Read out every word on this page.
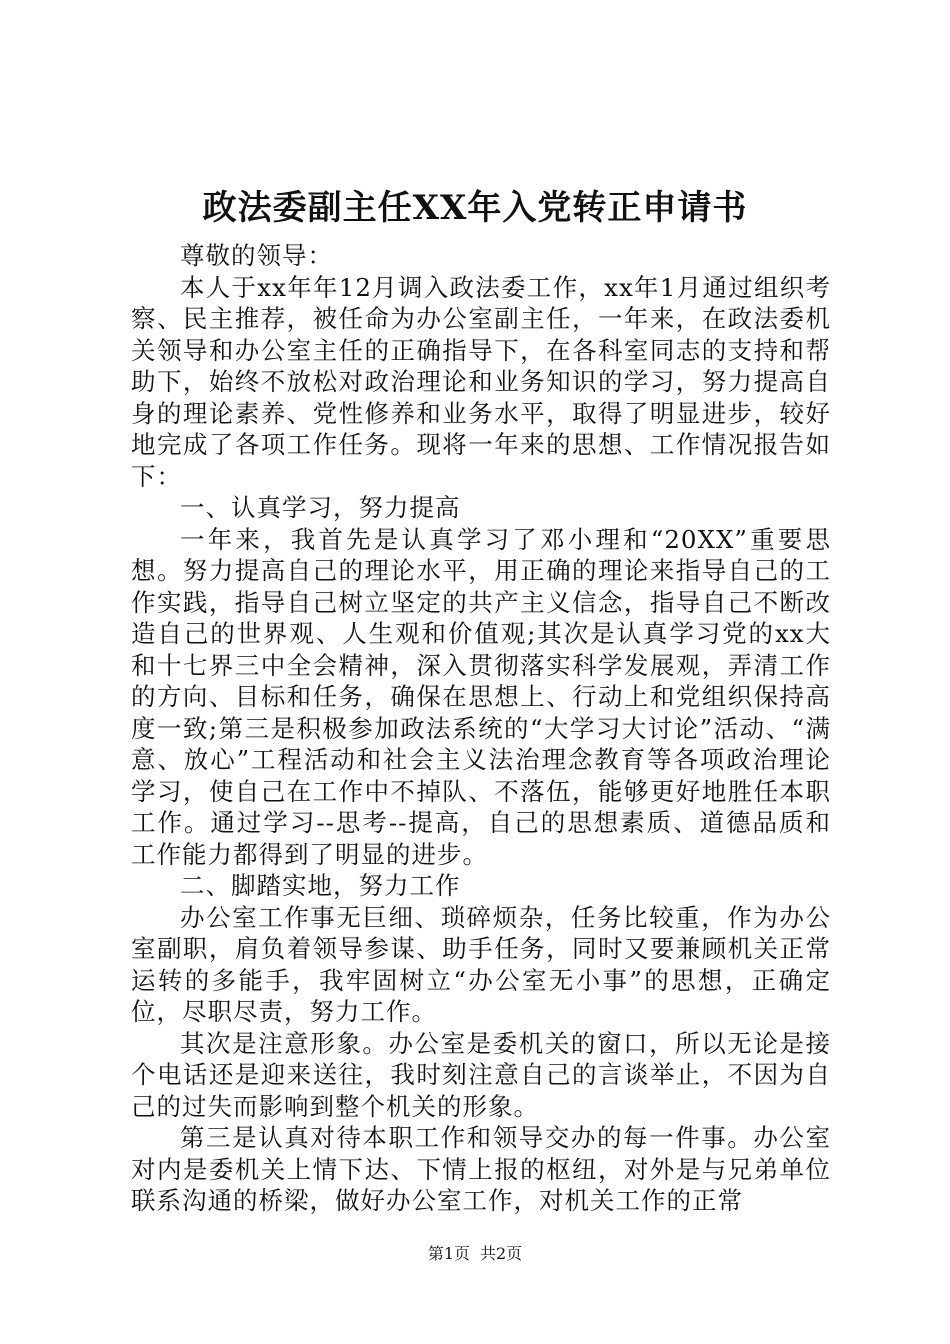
政法委副主任XX年入党转正申请书

尊敬的领导：

本人于xx年年12月调入政法委工作，xx年1月通过组织考察、民主推荐，被任命为办公室副主任，一年来，在政法委机关领导和办公室主任的正确指导下，在各科室同志的支持和帮助下，始终不放松对政治理论和业务知识的学习，努力提高自身的理论素养、党性修养和业务水平，取得了明显进步，较好地完成了各项工作任务。现将一年来的思想、工作情况报告如下：

一、认真学习，努力提高

一年来，我首先是认真学习了邓小理和“20XX”重要思想。努力提高自己的理论水平，用正确的理论来指导自己的工作实践，指导自己树立坚定的共产主义信念，指导自己不断改造自己的世界观、人生观和价值观;其次是认真学习党的xx大和十七界三中全会精神，深入贯彻落实科学发展观，弄清工作的方向、目标和任务，确保在思想上、行动上和党组织保持高度一致;第三是积极参加政法系统的“大学习大讨论”活动、“满意、放心”工程活动和社会主义法治理念教育等各项政治理论学习，使自己在工作中不掉队、不落伍，能够更好地胜任本职工作。通过学习--思考--提高，自己的思想素质、道德品质和工作能力都得到了明显的进步。

二、脚踏实地，努力工作

办公室工作事无巨细、琐碎烦杂，任务比较重，作为办公室副职，肩负着领导参谋、助手任务，同时又要兼顾机关正常运转的多能手，我牢固树立“办公室无小事”的思想，正确定位，尽职尽责，努力工作。

其次是注意形象。办公室是委机关的窗口，所以无论是接个电话还是迎来送往，我时刻注意自己的言谈举止，不因为自己的过失而影响到整个机关的形象。

第三是认真对待本职工作和领导交办的每一件事。办公室对内是委机关上情下达、下情上报的枢纽，对外是与兄弟单位联系沟通的桥梁，做好办公室工作，对机关工作的正常

第1页 共2页
